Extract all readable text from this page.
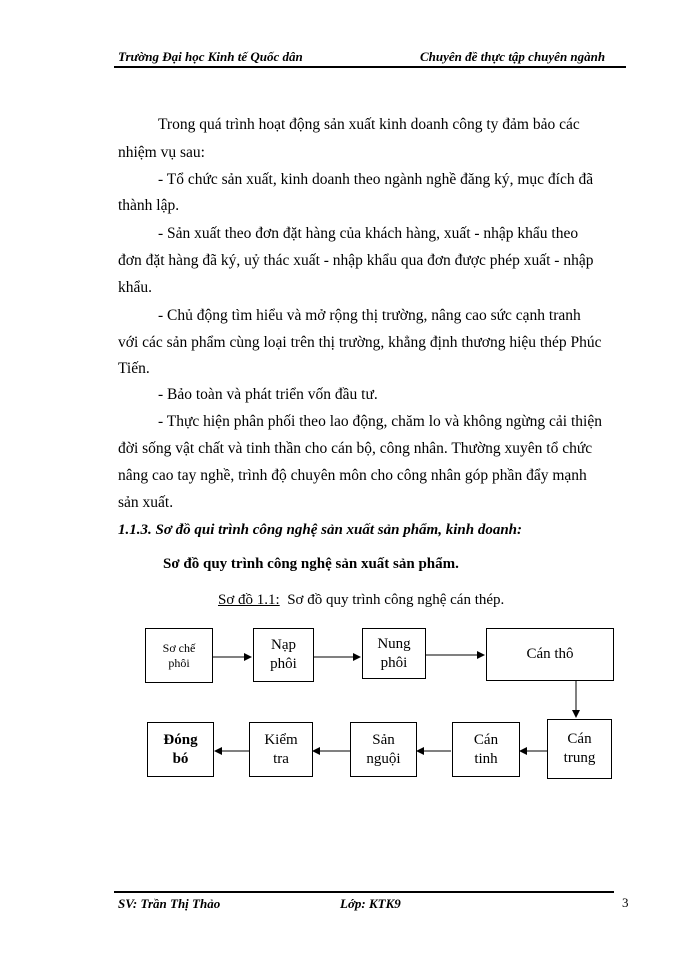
Trường Đại học Kinh tế Quốc dân	Chuyên đề thực tập chuyên ngành
Trong quá trình hoạt động sản xuất kinh doanh công ty đảm bảo các
nhiệm vụ sau:
- Tổ chức sản xuất, kinh doanh theo ngành nghề đăng ký, mục đích đã
thành lập.
- Sản xuất theo đơn đặt hàng của khách hàng, xuất - nhập khẩu theo
đơn đặt hàng đã ký, uỷ thác xuất - nhập khẩu qua đơn được phép xuất - nhập
khẩu.
- Chủ động tìm hiểu và mở rộng thị trường, nâng cao sức cạnh tranh
với các sản phẩm cùng loại trên thị trường, khẳng định thương hiệu thép Phúc
Tiến.
- Bảo toàn và phát triển vốn đầu tư.
- Thực hiện phân phối theo lao động, chăm lo và không ngừng cải thiện
đời sống vật chất và tinh thần cho cán bộ, công nhân. Thường xuyên tổ chức
nâng cao tay nghề, trình độ chuyên môn cho công nhân góp phần đẩy mạnh
sản xuất.
1.1.3. Sơ đồ qui trình công nghệ sản xuất sản phẩm, kinh doanh:
Sơ đồ quy trình công nghệ sản xuất sản phẩm.
Sơ đồ 1.1: Sơ đồ quy trình công nghệ cán thép.
Sơ chế
phôi
Nạp
phôi
Nung
phôi
Cán thô
Cán
trung
Cán
tinh
Sản
nguội
Kiểm
tra
Đóng
bó
SV: Trần Thị Thảo	Lớp: KTK9	3
